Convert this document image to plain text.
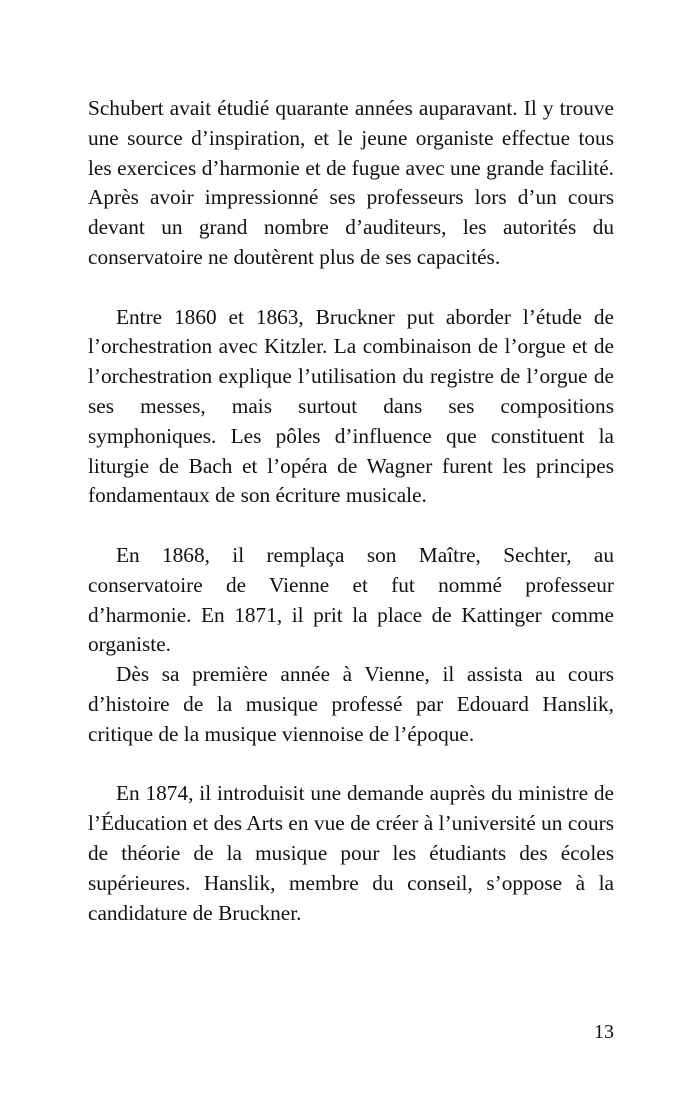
Schubert avait étudié quarante années auparavant. Il y trouve une source d’inspiration, et le jeune organiste effectue tous les exercices d’harmonie et de fugue avec une grande facilité. Après avoir impressionné ses professeurs lors d’un cours devant un grand nombre d’auditeurs, les autorités du conservatoire ne doutèrent plus de ses capacités.

Entre 1860 et 1863, Bruckner put aborder l’étude de l’orchestration avec Kitzler. La combinaison de l’orgue et de l’orchestration explique l’utilisation du registre de l’orgue de ses messes, mais surtout dans ses compositions symphoniques. Les pôles d’influence que constituent la liturgie de Bach et l’opéra de Wagner furent les principes fondamentaux de son écriture musicale.

En 1868, il remplaça son Maître, Sechter, au conservatoire de Vienne et fut nommé professeur d’harmonie. En 1871, il prit la place de Kattinger comme organiste.

Dès sa première année à Vienne, il assista au cours d’histoire de la musique professé par Edouard Hanslik, critique de la musique viennoise de l’époque.

En 1874, il introduisit une demande auprès du ministre de l’Éducation et des Arts en vue de créer à l’université un cours de théorie de la musique pour les étudiants des écoles supérieures. Hanslik, membre du conseil, s’oppose à la candidature de Bruckner.

13
